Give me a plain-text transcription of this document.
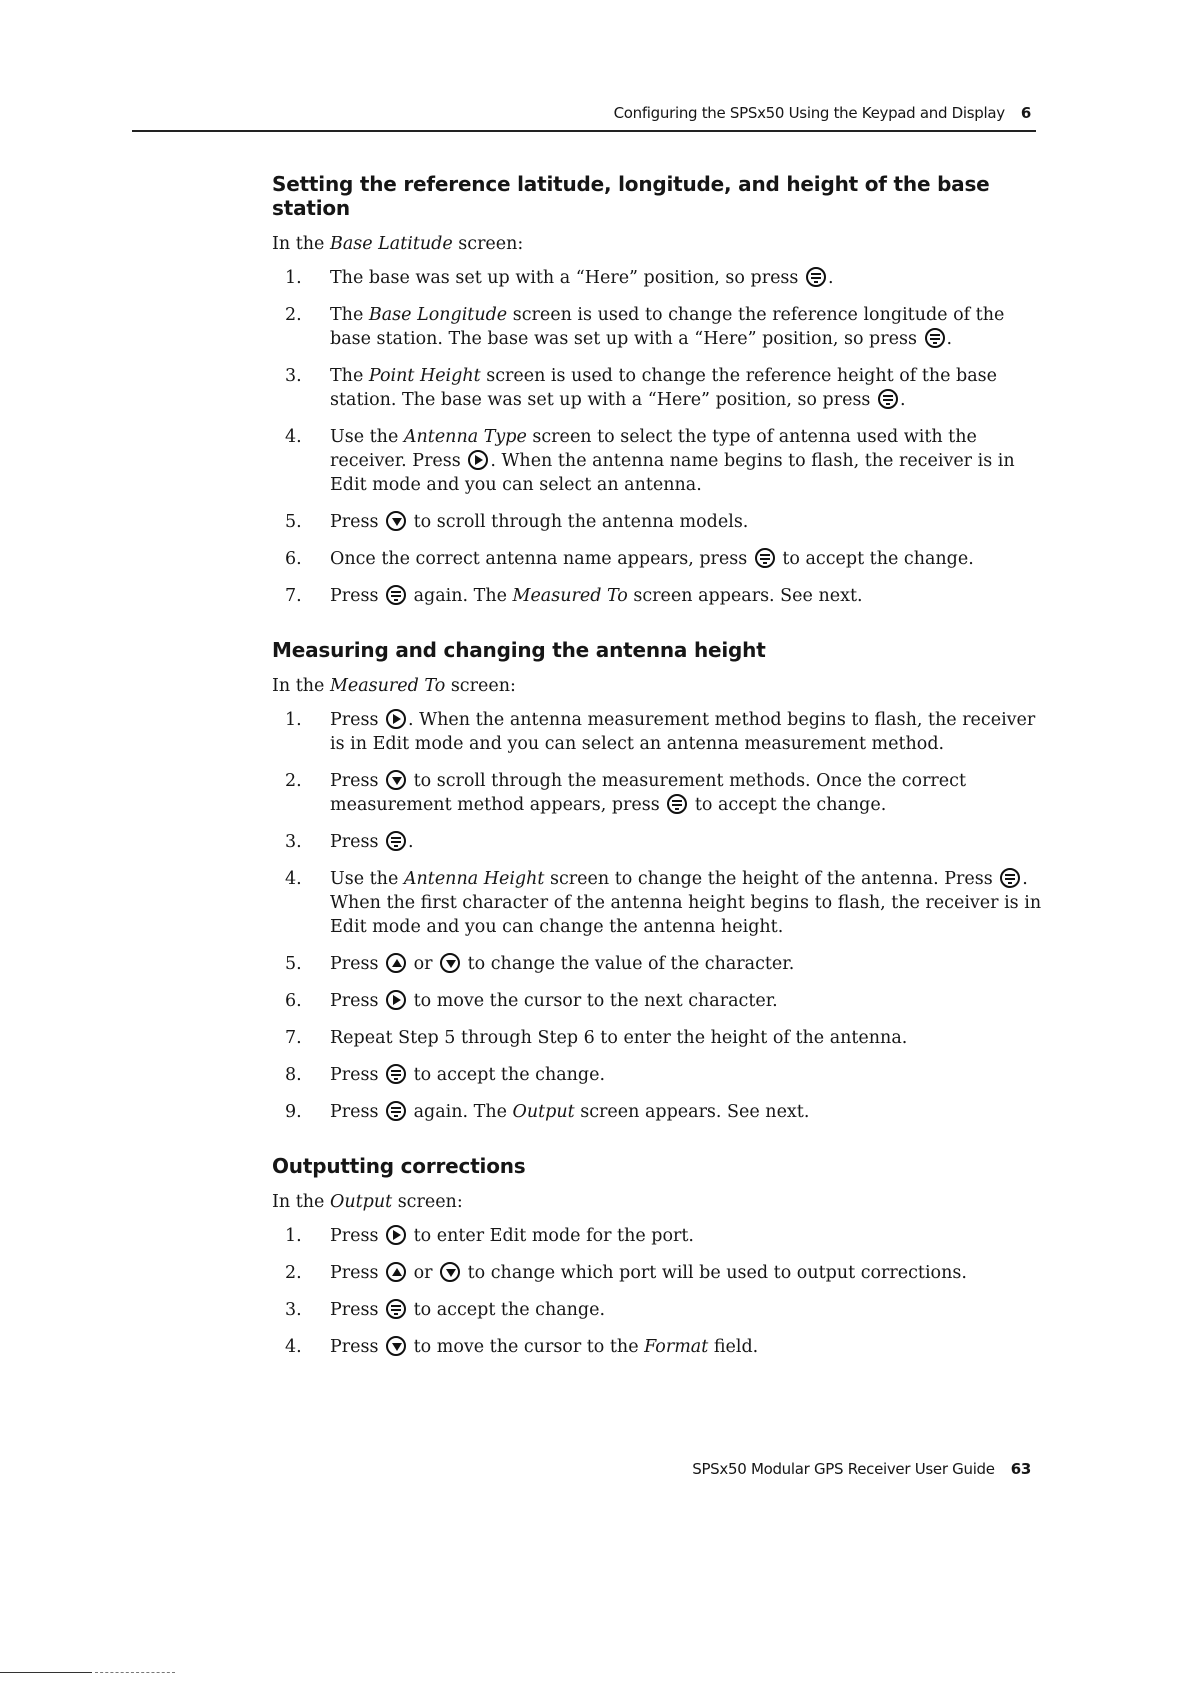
Configuring the SPSx50 Using the Keypad and Display 6
Setting the reference latitude, longitude, and height of the base station

In the Base Latitude screen:

1. The base was set up with a “Here” position, so press .
2. The Base Longitude screen is used to change the reference longitude of the base station. The base was set up with a “Here” position, so press .
3. The Point Height screen is used to change the reference height of the base station. The base was set up with a “Here” position, so press .
4. Use the Antenna Type screen to select the type of antenna used with the receiver. Press . When the antenna name begins to flash, the receiver is in Edit mode and you can select an antenna.
5. Press  to scroll through the antenna models.
6. Once the correct antenna name appears, press  to accept the change.
7. Press  again. The Measured To screen appears. See next.
Measuring and changing the antenna height

In the Measured To screen:

1. Press . When the antenna measurement method begins to flash, the receiver is in Edit mode and you can select an antenna measurement method.
2. Press  to scroll through the measurement methods. Once the correct measurement method appears, press  to accept the change.
3. Press .
4. Use the Antenna Height screen to change the height of the antenna. Press . When the first character of the antenna height begins to flash, the receiver is in Edit mode and you can change the antenna height.
5. Press  or  to change the value of the character.
6. Press  to move the cursor to the next character.
7. Repeat Step 5 through Step 6 to enter the height of the antenna.
8. Press  to accept the change.
9. Press  again. The Output screen appears. See next.
Outputting corrections

In the Output screen:

1. Press  to enter Edit mode for the port.
2. Press  or  to change which port will be used to output corrections.
3. Press  to accept the change.
4. Press  to move the cursor to the Format field.
SPSx50 Modular GPS Receiver User Guide 63
